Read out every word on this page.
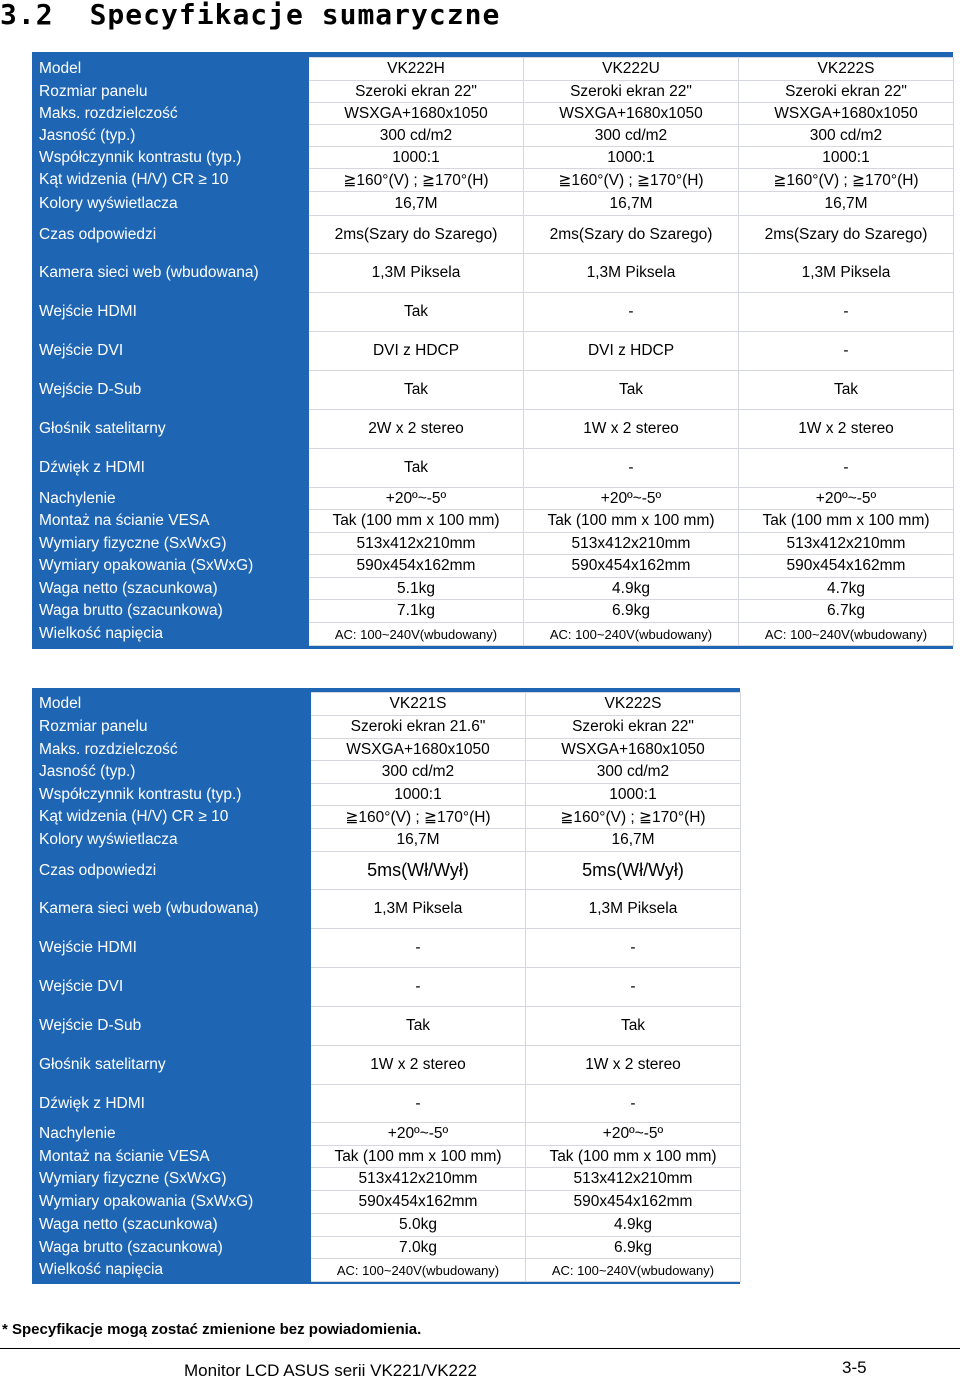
3.2 Specyfikacje sumaryczne
Model	VK222H	VK222U	VK222S
Rozmiar panelu	Szeroki ekran 22"	Szeroki ekran 22"	Szeroki ekran 22"
Maks. rozdzielczość	WSXGA+1680x1050	WSXGA+1680x1050	WSXGA+1680x1050
Jasność (typ.)	300 cd/m2	300 cd/m2	300 cd/m2
Współczynnik kontrastu (typ.)	1000:1	1000:1	1000:1
Kąt widzenia (H/V) CR ≥ 10	≧160°(V) ; ≧170°(H)	≧160°(V) ; ≧170°(H)	≧160°(V) ; ≧170°(H)
Kolory wyświetlacza	16,7M	16,7M	16,7M
Czas odpowiedzi	2ms(Szary do Szarego)	2ms(Szary do Szarego)	2ms(Szary do Szarego)
Kamera sieci web (wbudowana)	1,3M Piksela	1,3M Piksela	1,3M Piksela
Wejście HDMI	Tak	-	-
Wejście DVI	DVI z HDCP	DVI z HDCP	-
Wejście D-Sub	Tak	Tak	Tak
Głośnik satelitarny	2W x 2 stereo	1W x 2 stereo	1W x 2 stereo
Dźwięk z HDMI	Tak	-	-
Nachylenie	+20º~-5º	+20º~-5º	+20º~-5º
Montaż na ścianie VESA	Tak (100 mm x 100 mm)	Tak (100 mm x 100 mm)	Tak (100 mm x 100 mm)
Wymiary fizyczne (SxWxG)	513x412x210mm	513x412x210mm	513x412x210mm
Wymiary opakowania (SxWxG)	590x454x162mm	590x454x162mm	590x454x162mm
Waga netto (szacunkowa)	5.1kg	4.9kg	4.7kg
Waga brutto (szacunkowa)	7.1kg	6.9kg	6.7kg
Wielkość napięcia	AC: 100~240V(wbudowany)	AC: 100~240V(wbudowany)	AC: 100~240V(wbudowany)
Model	VK221S	VK222S
Rozmiar panelu	Szeroki ekran 21.6"	Szeroki ekran 22"
Maks. rozdzielczość	WSXGA+1680x1050	WSXGA+1680x1050
Jasność (typ.)	300 cd/m2	300 cd/m2
Współczynnik kontrastu (typ.)	1000:1	1000:1
Kąt widzenia (H/V) CR ≥ 10	≧160°(V) ; ≧170°(H)	≧160°(V) ; ≧170°(H)
Kolory wyświetlacza	16,7M	16,7M
Czas odpowiedzi	5ms(Wł/Wył)	5ms(Wł/Wył)
Kamera sieci web (wbudowana)	1,3M Piksela	1,3M Piksela
Wejście HDMI	-	-
Wejście DVI	-	-
Wejście D-Sub	Tak	Tak
Głośnik satelitarny	1W x 2 stereo	1W x 2 stereo
Dźwięk z HDMI	-	-
Nachylenie	+20º~-5º	+20º~-5º
Montaż na ścianie VESA	Tak (100 mm x 100 mm)	Tak (100 mm x 100 mm)
Wymiary fizyczne (SxWxG)	513x412x210mm	513x412x210mm
Wymiary opakowania (SxWxG)	590x454x162mm	590x454x162mm
Waga netto (szacunkowa)	5.0kg	4.9kg
Waga brutto (szacunkowa)	7.0kg	6.9kg
Wielkość napięcia	AC: 100~240V(wbudowany)	AC: 100~240V(wbudowany)
* Specyfikacje mogą zostać zmienione bez powiadomienia.
Monitor LCD ASUS serii VK221/VK222	3-5
